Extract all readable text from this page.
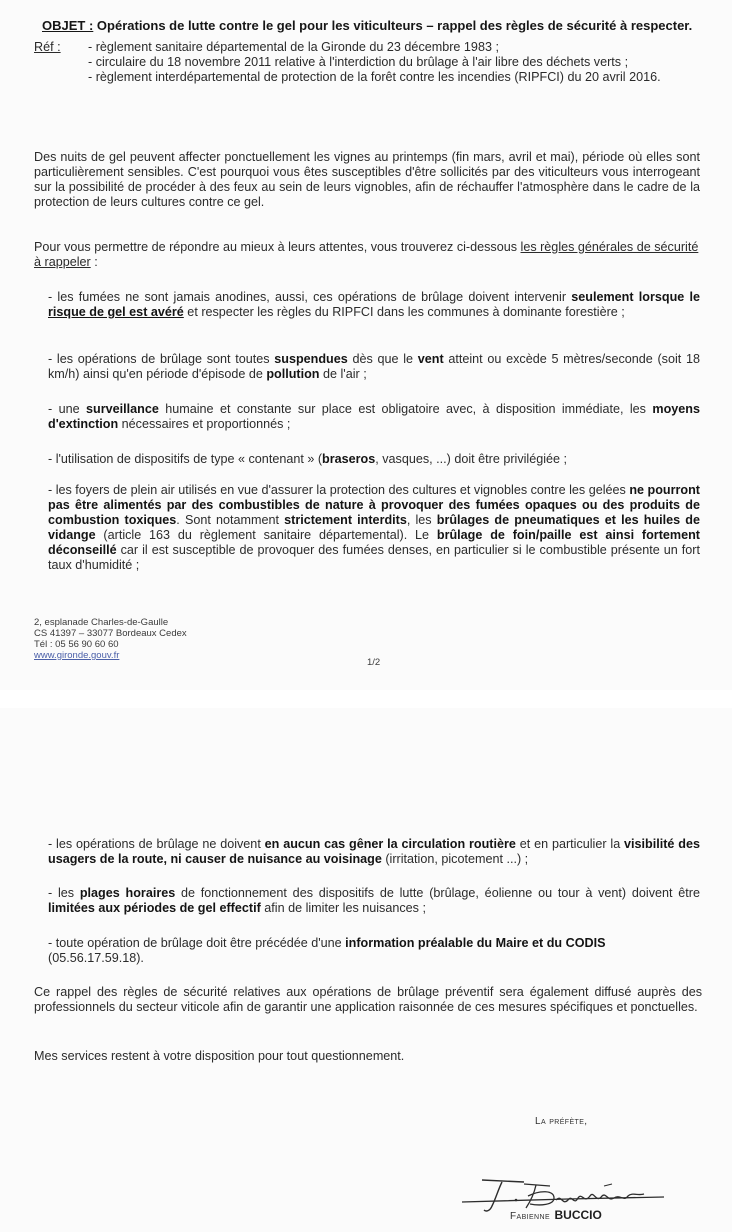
OBJET : Opérations de lutte contre le gel pour les viticulteurs – rappel des règles de sécurité à respecter.
Réf :	- règlement sanitaire départemental de la Gironde du 23 décembre 1983 ;
- circulaire du 18 novembre 2011 relative à l'interdiction du brûlage à l'air libre des déchets verts ;
- règlement interdépartemental de protection de la forêt contre les incendies (RIPFCI) du 20 avril 2016.

Des nuits de gel peuvent affecter ponctuellement les vignes au printemps (fin mars, avril et mai), période où elles sont particulièrement sensibles. C'est pourquoi vous êtes susceptibles d'être sollicités par des viticulteurs vous interrogeant sur la possibilité de procéder à des feux au sein de leurs vignobles, afin de réchauffer l'atmosphère dans le cadre de la protection de leurs cultures contre ce gel.

Pour vous permettre de répondre au mieux à leurs attentes, vous trouverez ci-dessous les règles générales de sécurité à rappeler :

- les fumées ne sont jamais anodines, aussi, ces opérations de brûlage doivent intervenir seulement lorsque le risque de gel est avéré et respecter les règles du RIPFCI dans les communes à dominante forestière ;

- les opérations de brûlage sont toutes suspendues dès que le vent atteint ou excède 5 mètres/seconde (soit 18 km/h) ainsi qu'en période d'épisode de pollution de l'air ;

- une surveillance humaine et constante sur place est obligatoire avec, à disposition immédiate, les moyens d'extinction nécessaires et proportionnés ;

- l'utilisation de dispositifs de type « contenant » (braseros, vasques, ...) doit être privilégiée ;

- les foyers de plein air utilisés en vue d'assurer la protection des cultures et vignobles contre les gelées ne pourront pas être alimentés par des combustibles de nature à provoquer des fumées opaques ou des produits de combustion toxiques. Sont notamment strictement interdits, les brûlages de pneumatiques et les huiles de vidange (article 163 du règlement sanitaire départemental). Le brûlage de foin/paille est ainsi fortement déconseillé car il est susceptible de provoquer des fumées denses, en particulier si le combustible présente un fort taux d'humidité ;

2, esplanade Charles-de-Gaulle
CS 41397 – 33077 Bordeaux Cedex
Tél : 05 56 90 60 60
www.gironde.gouv.fr
1/2

- les opérations de brûlage ne doivent en aucun cas gêner la circulation routière et en particulier la visibilité des usagers de la route, ni causer de nuisance au voisinage (irritation, picotement ...) ;

- les plages horaires de fonctionnement des dispositifs de lutte (brûlage, éolienne ou tour à vent) doivent être limitées aux périodes de gel effectif afin de limiter les nuisances ;

- toute opération de brûlage doit être précédée d'une information préalable du Maire et du CODIS (05.56.17.59.18).

Ce rappel des règles de sécurité relatives aux opérations de brûlage préventif sera également diffusé auprès des professionnels du secteur viticole afin de garantir une application raisonnée de ces mesures spécifiques et ponctuelles.

Mes services restent à votre disposition pour tout questionnement.

La préfète,
Fabienne BUCCIO
